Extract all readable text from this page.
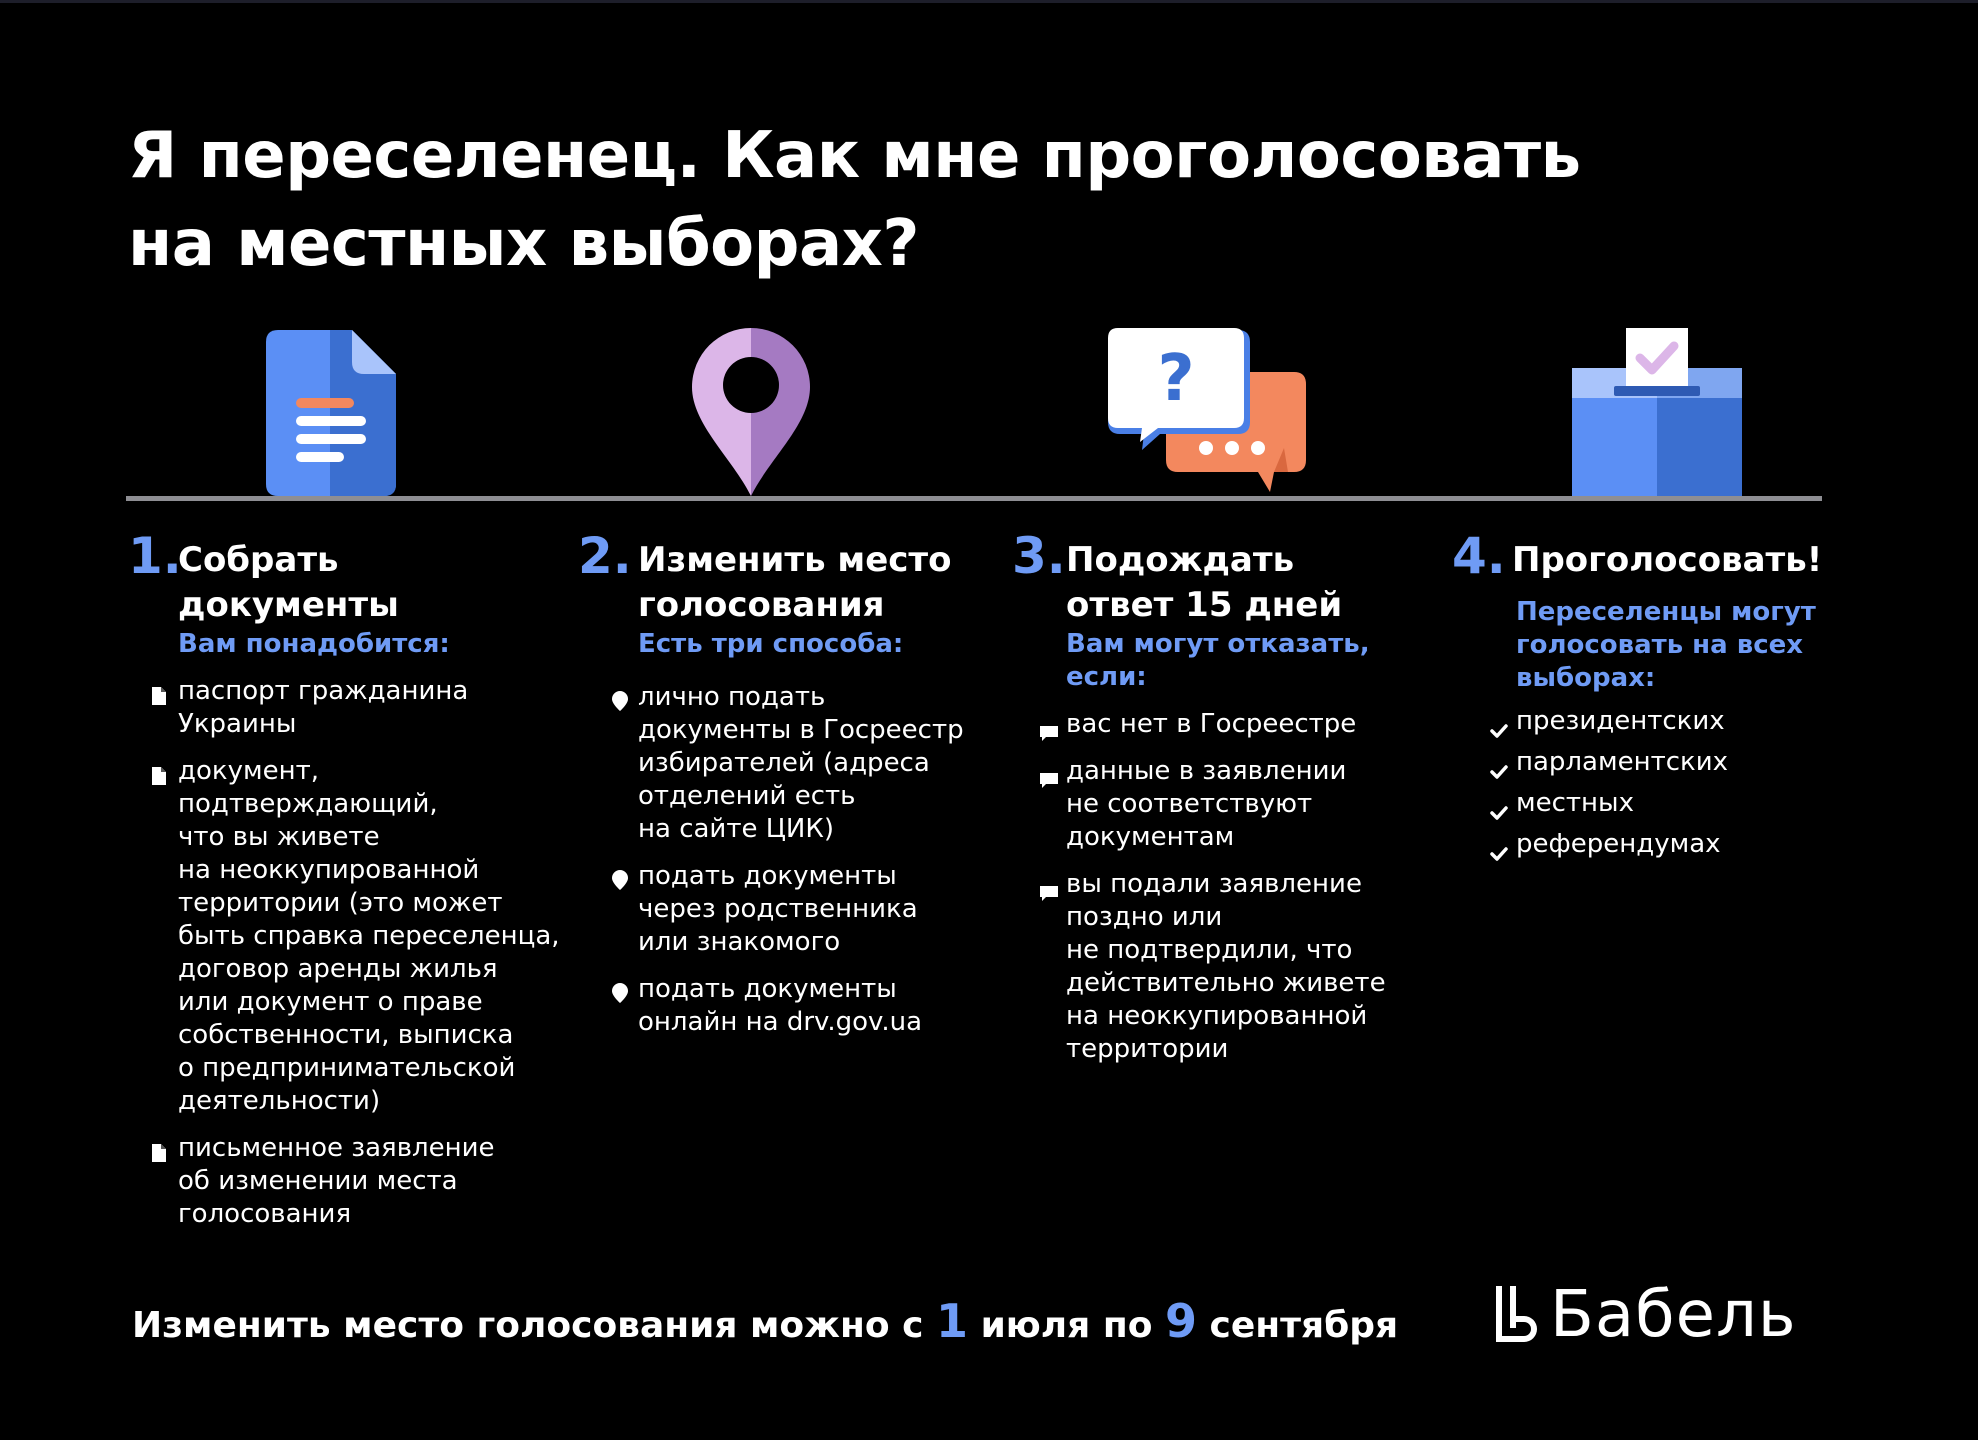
Я переселенец. Как мне проголосовать
на местных выборах?
?
1.
Собрать
документы
Вам понадобится:
паспорт гражданина
Украины
документ,
подтверждающий,
что вы живете
на неоккупированной
территории (это может
быть справка переселенца,
договор аренды жилья
или документ о праве
собственности, выписка
о предпринимательской
деятельности)
письменное заявление
об изменении места
голосования
2. Изменить место
голосования
Есть три способа:
лично подать
документы в Госреестр
избирателей (адреса
отделений есть
на сайте ЦИК)
подать документы
через родственника
или знакомого
подать документы
онлайн на drv.gov.ua
3. Подождать
ответ 15 дней
Вам могут отказать,
если:
вас нет в Госреестре
данные в заявлении
не соответствуют
документам
вы подали заявление
поздно или
не подтвердили, что
действительно живете
на неоккупированной
территории
4. Проголосовать!
Переселенцы могут
голосовать на всех
выборах:
президентских
парламентских
местных
референдумах
Изменить место голосования можно с 1 июля по 9 сентября Бабель
